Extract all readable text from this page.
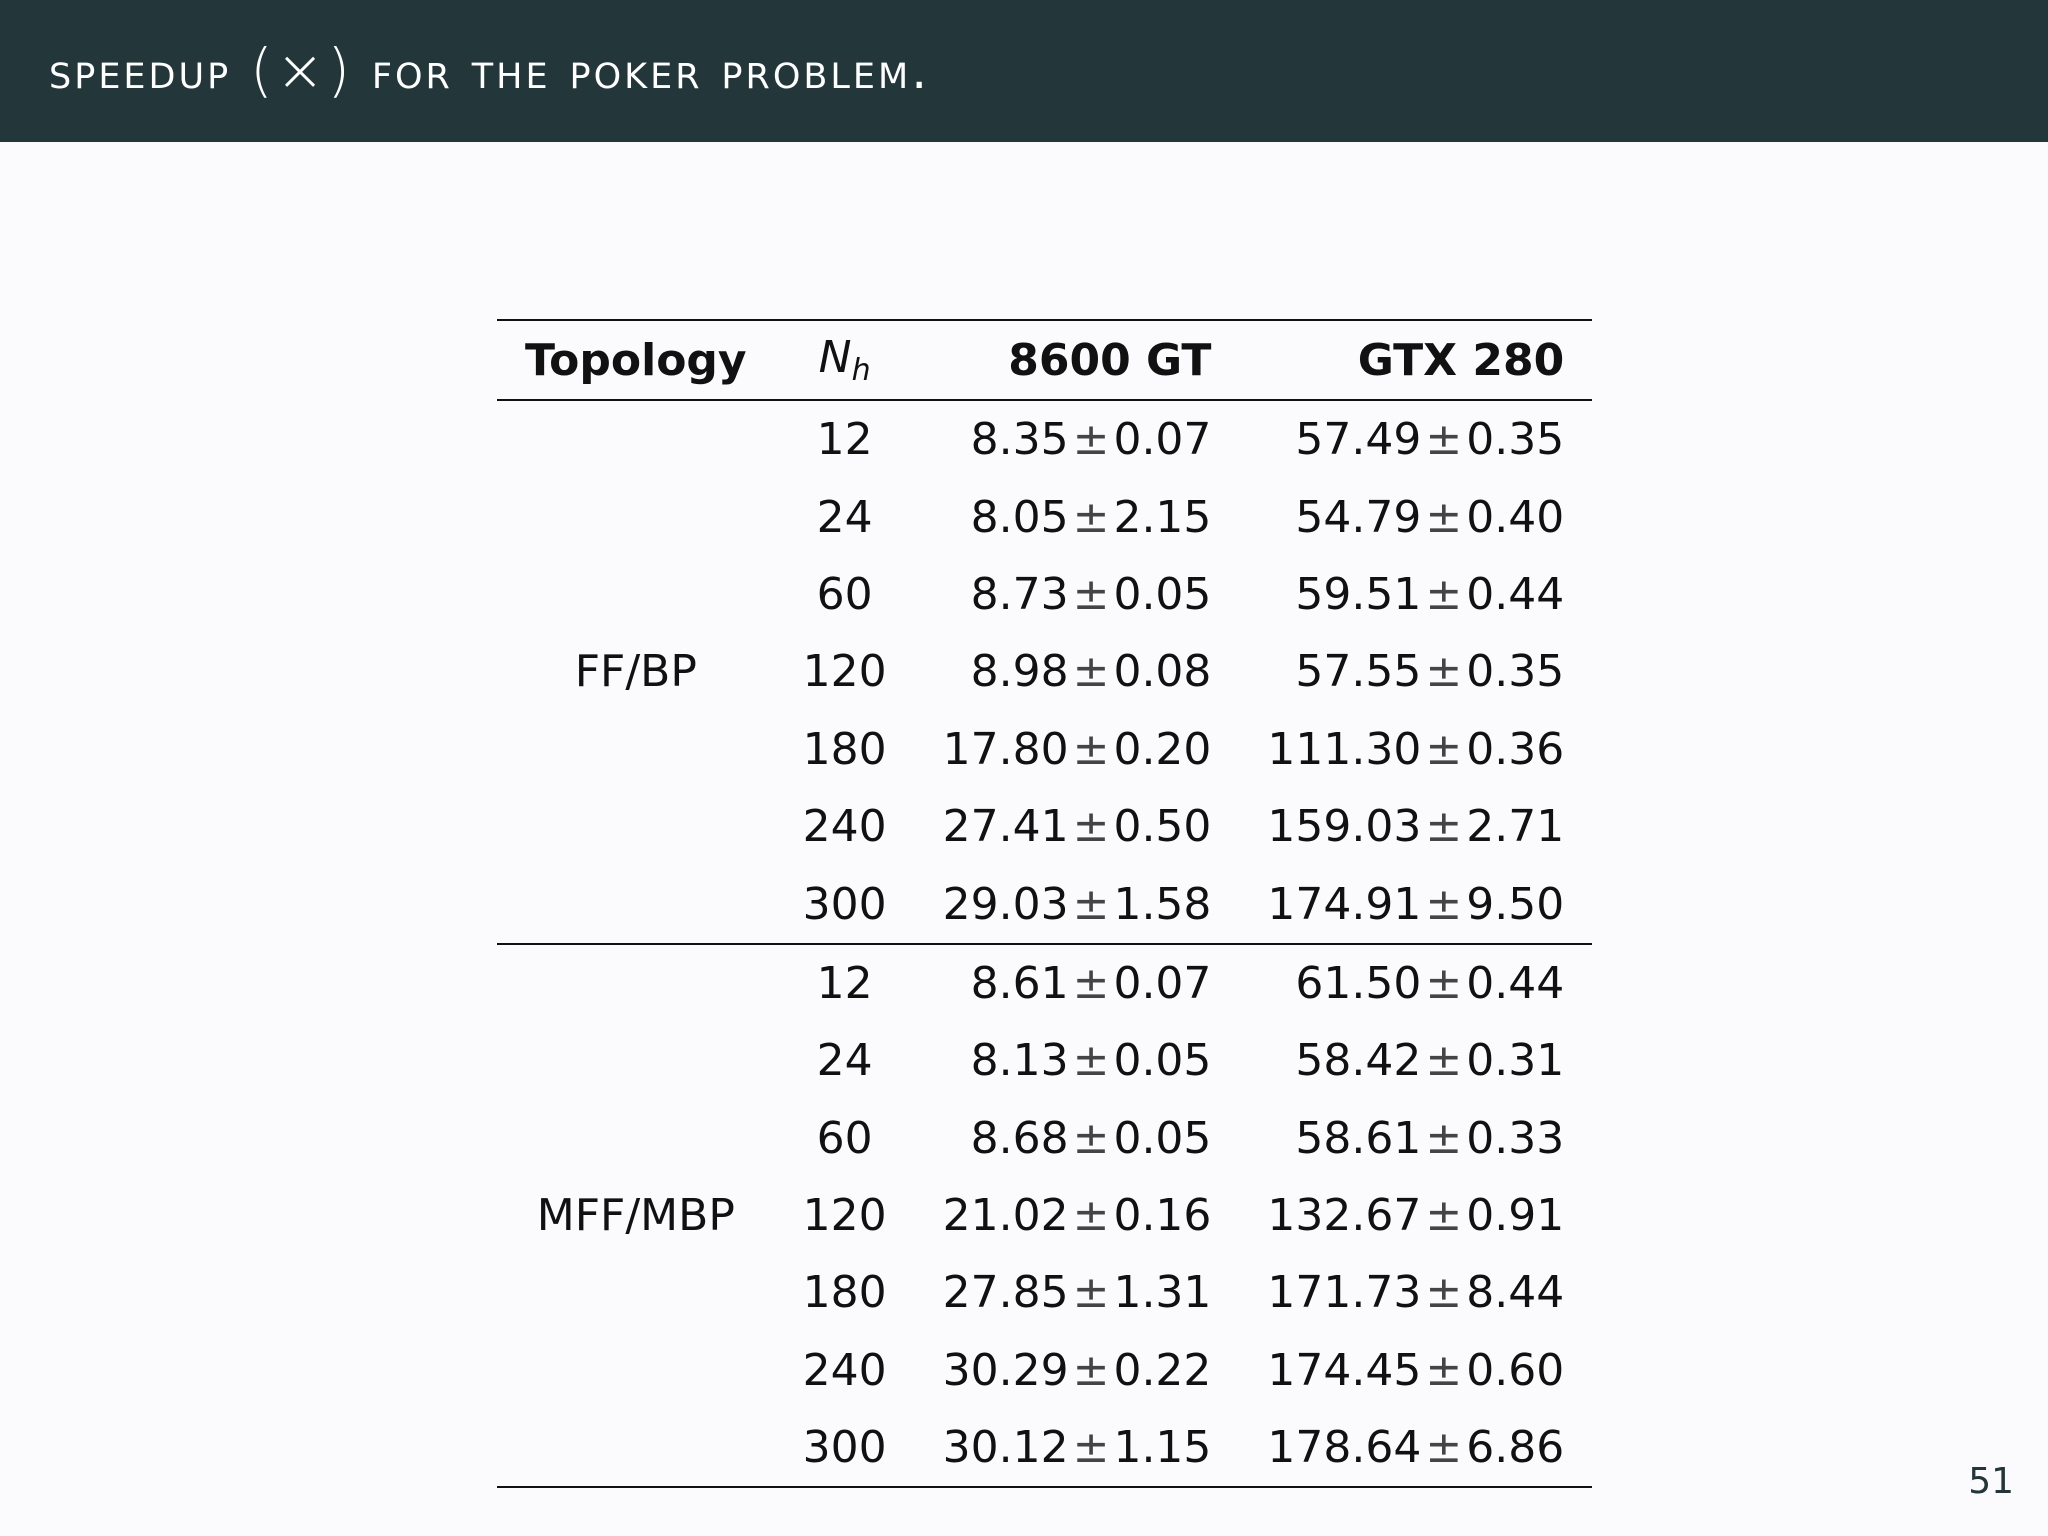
speedup (×) for the poker problem.
Topology	$N_h$	8600 GT	GTX 280
FF/BP	12	8.35±0.07	57.49±0.35
	24	8.05±2.15	54.79±0.40
	60	8.73±0.05	59.51±0.44
	120	8.98±0.08	57.55±0.35
	180	17.80±0.20	111.30±0.36
	240	27.41±0.50	159.03±2.71
	300	29.03±1.58	174.91±9.50
MFF/MBP	12	8.61±0.07	61.50±0.44
	24	8.13±0.05	58.42±0.31
	60	8.68±0.05	58.61±0.33
	120	21.02±0.16	132.67±0.91
	180	27.85±1.31	171.73±8.44
	240	30.29±0.22	174.45±0.60
	300	30.12±1.15	178.64±6.86
51
